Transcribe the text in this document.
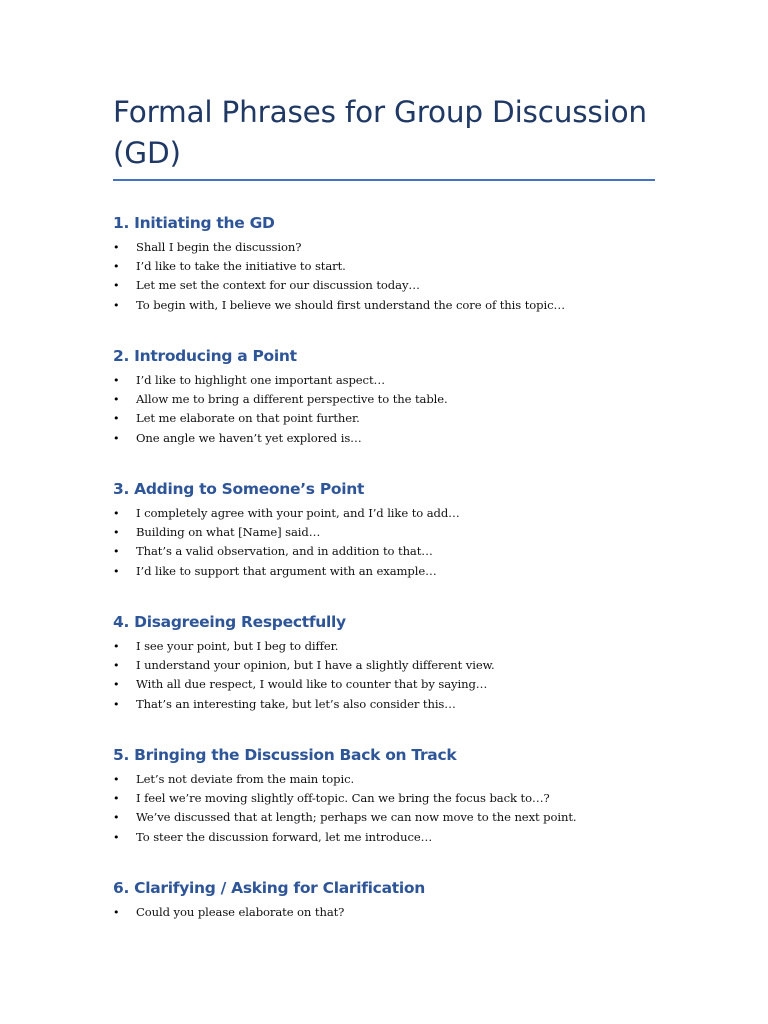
Formal Phrases for Group Discussion (GD)
1. Initiating the GD
• Shall I begin the discussion?
• I’d like to take the initiative to start.
• Let me set the context for our discussion today…
• To begin with, I believe we should first understand the core of this topic…
2. Introducing a Point
• I’d like to highlight one important aspect…
• Allow me to bring a different perspective to the table.
• Let me elaborate on that point further.
• One angle we haven’t yet explored is…
3. Adding to Someone’s Point
• I completely agree with your point, and I’d like to add…
• Building on what [Name] said…
• That’s a valid observation, and in addition to that…
• I’d like to support that argument with an example…
4. Disagreeing Respectfully
• I see your point, but I beg to differ.
• I understand your opinion, but I have a slightly different view.
• With all due respect, I would like to counter that by saying…
• That’s an interesting take, but let’s also consider this…
5. Bringing the Discussion Back on Track
• Let’s not deviate from the main topic.
• I feel we’re moving slightly off-topic. Can we bring the focus back to…?
• We’ve discussed that at length; perhaps we can now move to the next point.
• To steer the discussion forward, let me introduce…
6. Clarifying / Asking for Clarification
• Could you please elaborate on that?
